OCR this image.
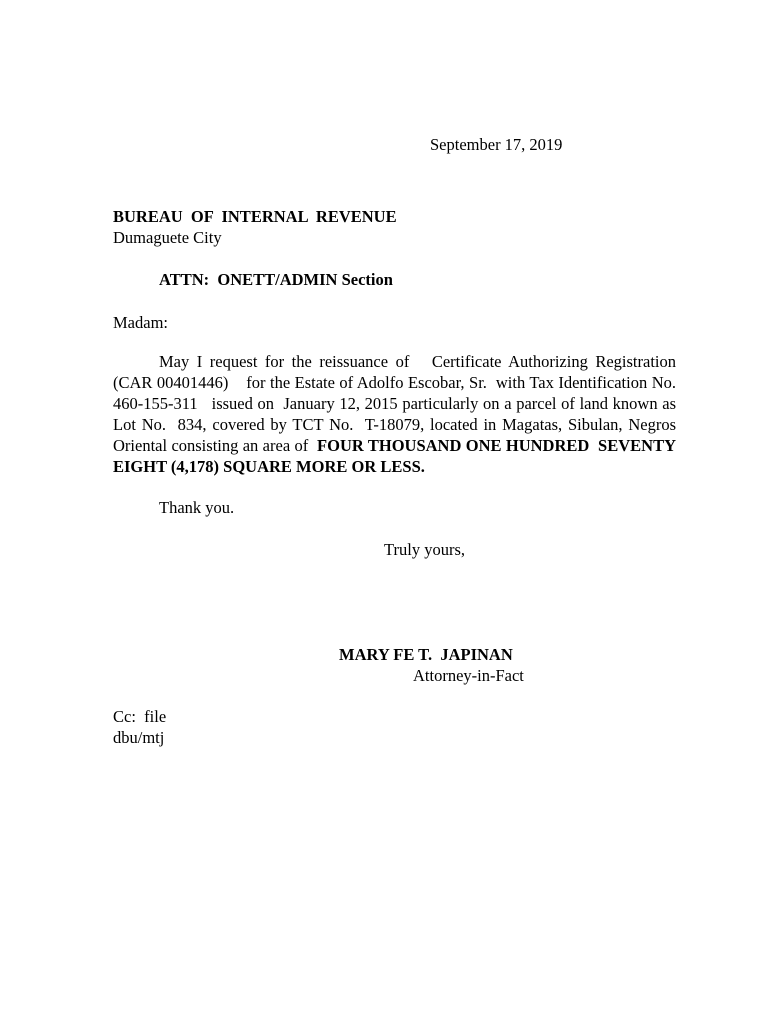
September 17, 2019
BUREAU  OF  INTERNAL  REVENUE
Dumaguete City
ATTN:  ONETT/ADMIN Section
Madam:
May I request for the reissuance of   Certificate Authorizing Registration (CAR 00401446)    for the Estate of Adolfo Escobar, Sr.  with Tax Identification No.  460-155-311   issued on  January 12, 2015 particularly on a parcel of land known as Lot No.  834, covered by TCT No.  T-18079, located in Magatas, Sibulan, Negros Oriental consisting an area of  FOUR THOUSAND ONE HUNDRED  SEVENTY EIGHT (4,178) SQUARE MORE OR LESS.
Thank you.
Truly yours,
MARY FE T.  JAPINAN
Attorney-in-Fact
Cc:  file
dbu/mtj
